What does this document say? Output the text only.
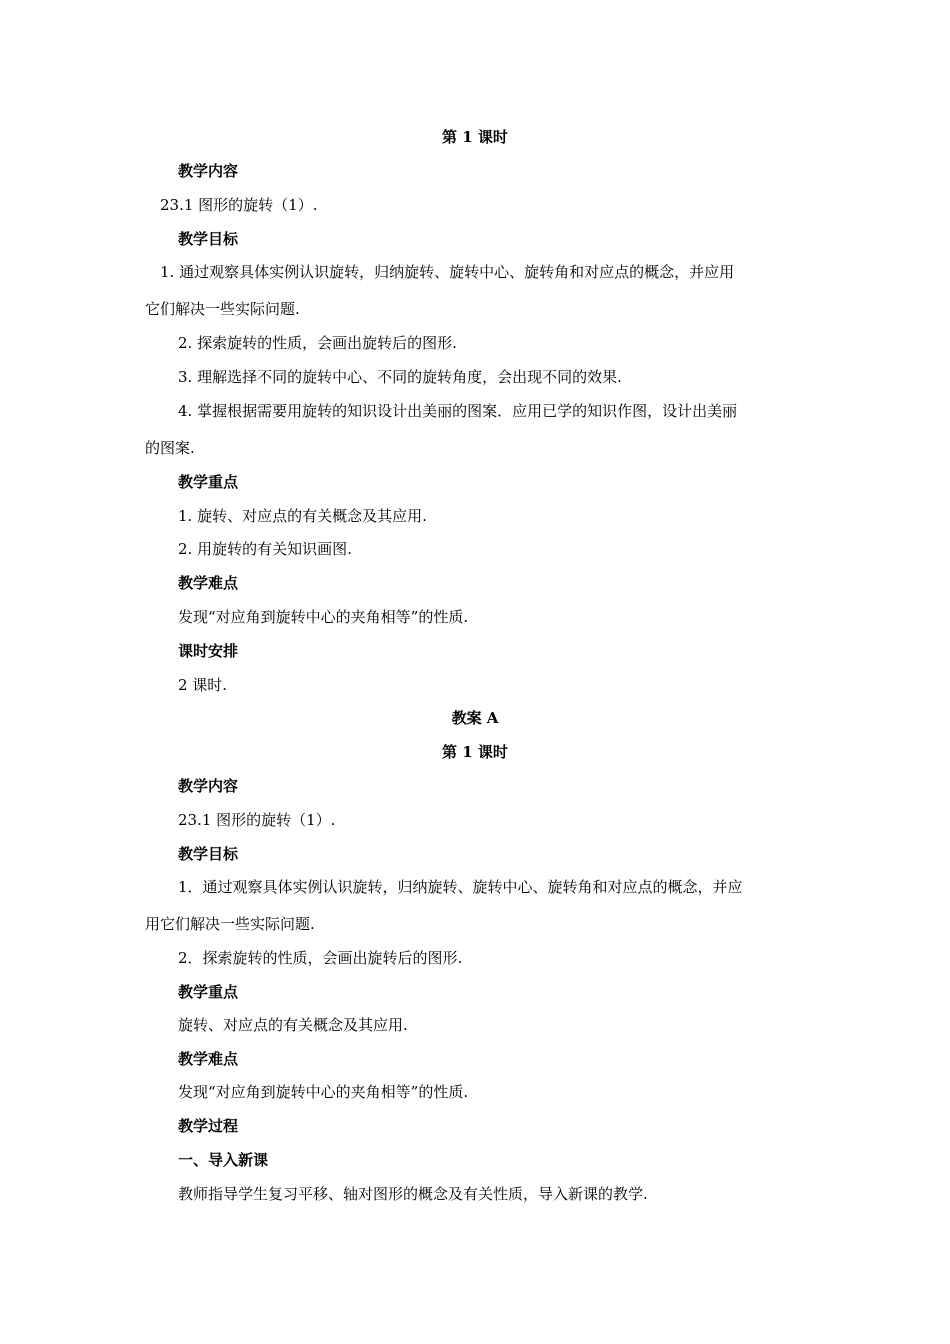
第 1 课时
教学内容
23.1 图形的旋转（1）.
教学目标
1. 通过观察具体实例认识旋转，归纳旋转、旋转中心、旋转角和对应点的概念，并应用
它们解决一些实际问题.
2. 探索旋转的性质，会画出旋转后的图形.
3. 理解选择不同的旋转中心、不同的旋转角度，会出现不同的效果.
4. 掌握根据需要用旋转的知识设计出美丽的图案．应用已学的知识作图，设计出美丽
的图案.
教学重点
1. 旋转、对应点的有关概念及其应用.
2. 用旋转的有关知识画图.
教学难点
发现“对应角到旋转中心的夹角相等”的性质.
课时安排
2 课时.
教案 A
第 1 课时
教学内容
23.1 图形的旋转（1）.
教学目标
1．通过观察具体实例认识旋转，归纳旋转、旋转中心、旋转角和对应点的概念，并应
用它们解决一些实际问题.
2．探索旋转的性质，会画出旋转后的图形.
教学重点
旋转、对应点的有关概念及其应用.
教学难点
发现“对应角到旋转中心的夹角相等”的性质.
教学过程
一、导入新课
教师指导学生复习平移、轴对图形的概念及有关性质，导入新课的教学.
